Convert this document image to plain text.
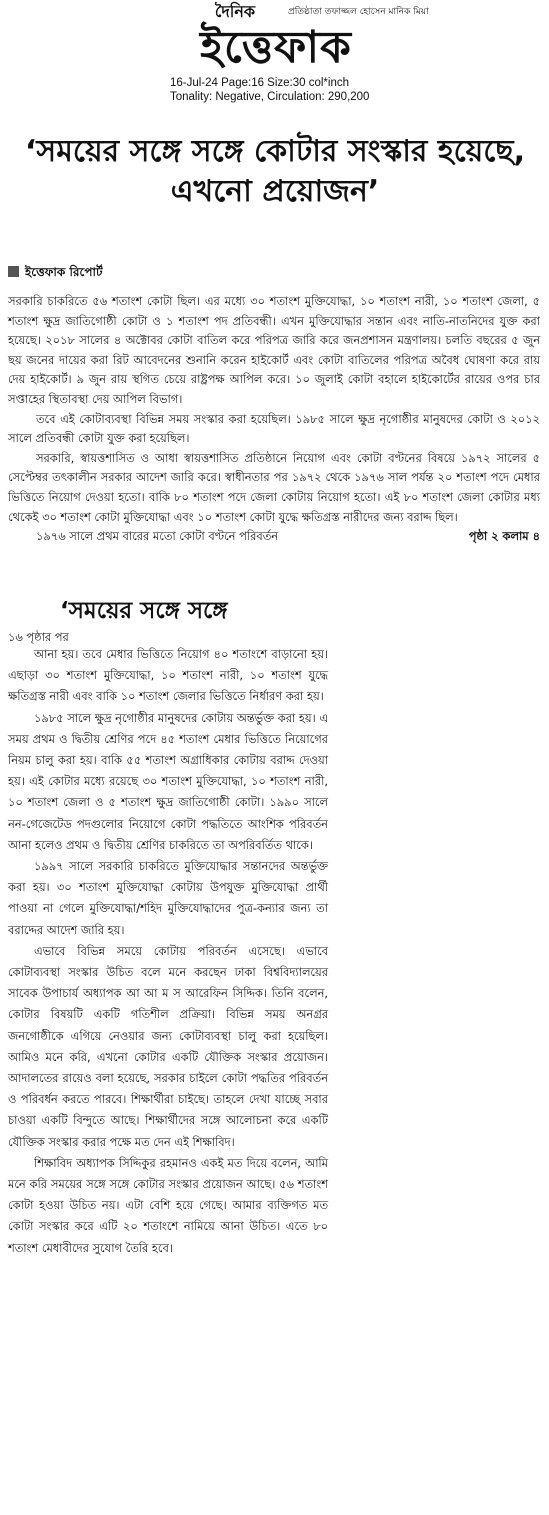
দৈনিক	প্রতিষ্ঠাতা তফাজ্জল হোসেন মানিক মিয়া
ইত্তেফাক
16-Jul-24 Page:16 Size:30 col*inch
Tonality: Negative, Circulation: 290,200
‘সময়ের সঙ্গে সঙ্গে কোটার সংস্কার হয়েছে, এখনো প্রয়োজন’
ইত্তেফাক রিপোর্ট

সরকারি চাকরিতে ৫৬ শতাংশ কোটা ছিল। এর মধ্যে ৩০ শতাংশ মুক্তিযোদ্ধা, ১০ শতাংশ নারী, ১০ শতাংশ জেলা, ৫ শতাংশ ক্ষুদ্র জাতিগোষ্ঠী কোটা ও ১ শতাংশ পদ প্রতিবন্ধী। এখন মুক্তিযোদ্ধার সন্তান এবং নাতি-নাতনিদের যুক্ত করা হয়েছে। ২০১৮ সালের ৪ অক্টোবর কোটা বাতিল করে পরিপত্র জারি করে জনপ্রশাসন মন্ত্রণালয়। চলতি বছরের ৫ জুন ছয় জনের দায়ের করা রিট আবেদনের শুনানি করেন হাইকোর্ট এবং কোটা বাতিলের পরিপত্র অবৈধ ঘোষণা করে রায় দেয় হাইকোর্ট। ৯ জুন রায় স্থগিত চেয়ে রাষ্ট্রপক্ষ আপিল করে। ১০ জুলাই কোটা বহালে হাইকোর্টের রায়ের ওপর চার সপ্তাহের স্থিতাবস্থা দেয় আপিল বিভাগ।

তবে এই কোটাব্যবস্থা বিভিন্ন সময় সংস্কার করা হয়েছিল। ১৯৮৫ সালে ক্ষুদ্র নৃগোষ্ঠীর মানুষদের কোটা ও ২০১২ সালে প্রতিবন্ধী কোটা যুক্ত করা হয়েছিল।

সরকারি, স্বায়ত্তশাসিত ও আধা স্বায়ত্তশাসিত প্রতিষ্ঠানে নিয়োগ এবং কোটা বণ্টনের বিষয়ে ১৯৭২ সালের ৫ সেপ্টেম্বর তৎকালীন সরকার আদেশ জারি করে। স্বাধীনতার পর ১৯৭২ থেকে ১৯৭৬ সাল পর্যন্ত ২০ শতাংশ পদে মেধার ভিত্তিতে নিয়োগ দেওয়া হতো। বাকি ৮০ শতাংশ পদে জেলা কোটায় নিয়োগ হতো। এই ৮০ শতাংশ জেলা কোটার মধ্য থেকেই ৩০ শতাংশ কোটা মুক্তিযোদ্ধা এবং ১০ শতাংশ কোটা যুদ্ধে ক্ষতিগ্রস্ত নারীদের জন্য বরাদ্দ ছিল।

১৯৭৬ সালে প্রথম বারের মতো কোটা বণ্টনে পরিবর্তন	পৃষ্ঠা ২ কলাম ৪
‘সময়ের সঙ্গে সঙ্গে
১৬ পৃষ্ঠার পর

আনা হয়। তবে মেধার ভিত্তিতে নিয়োগ ৪০ শতাংশে বাড়ানো হয়। এছাড়া ৩০ শতাংশ মুক্তিযোদ্ধা, ১০ শতাংশ নারী, ১০ শতাংশ যুদ্ধে ক্ষতিগ্রস্ত নারী এবং বাকি ১০ শতাংশ জেলার ভিত্তিতে নির্ধারণ করা হয়।

১৯৮৫ সালে ক্ষুদ্র নৃগোষ্ঠীর মানুষদের কোটায় অন্তর্ভুক্ত করা হয়। এ সময় প্রথম ও দ্বিতীয় শ্রেণির পদে ৪৫ শতাংশ মেধার ভিত্তিতে নিয়োগের নিয়ম চালু করা হয়। বাকি ৫৫ শতাংশ অগ্রাধিকার কোটায় বরাদ্দ দেওয়া হয়। এই কোটার মধ্যে রয়েছে ৩০ শতাংশ মুক্তিযোদ্ধা, ১০ শতাংশ নারী, ১০ শতাংশ জেলা ও ৫ শতাংশ ক্ষুদ্র জাতিগোষ্ঠী কোটা। ১৯৯০ সালে নন-গেজেটেড পদগুলোর নিয়োগে কোটা পদ্ধতিতে আংশিক পরিবর্তন আনা হলেও প্রথম ও দ্বিতীয় শ্রেণির চাকরিতে তা অপরিবর্তিত থাকে।

১৯৯৭ সালে সরকারি চাকরিতে মুক্তিযোদ্ধার সন্তানদের অন্তর্ভুক্ত করা হয়। ৩০ শতাংশ মুক্তিযোদ্ধা কোটায় উপযুক্ত মুক্তিযোদ্ধা প্রার্থী পাওয়া না গেলে মুক্তিযোদ্ধা/শহিদ মুক্তিযোদ্ধাদের পুত্র-কন্যার জন্য তা বরাদ্দের আদেশ জারি হয়।

এভাবে বিভিন্ন সময়ে কোটায় পরিবর্তন এসেছে। এভাবে কোটাব্যবস্থা সংস্কার উচিত বলে মনে করছেন ঢাকা বিশ্ববিদ্যালয়ের সাবেক উপাচার্য অধ্যাপক আ আ ম স আরেফিন সিদ্দিক। তিনি বলেন, কোটার বিষয়টি একটি গতিশীল প্রক্রিয়া। বিভিন্ন সময় অনগ্রর জনগোষ্ঠীকে এগিয়ে নেওয়ার জন্য কোটাব্যবস্থা চালু করা হয়েছিল। আমিও মনে করি, এখনো কোটার একটি যৌক্তিক সংস্কার প্রয়োজন। আদালতের রায়েও বলা হয়েছে, সরকার চাইলে কোটা পদ্ধতির পরিবর্তন ও পরিবর্ধন করতে পারবে। শিক্ষার্থীরা চাইছে। তাহলে দেখা যাচ্ছে সবার চাওয়া একটি বিন্দুতে আছে। শিক্ষার্থীদের সঙ্গে আলোচনা করে একটি যৌক্তিক সংস্কার করার পক্ষে মত দেন এই শিক্ষাবিদ।

শিক্ষাবিদ অধ্যাপক সিদ্দিকুর রহমানও একই মত দিয়ে বলেন, আমি মনে করি সময়ের সঙ্গে সঙ্গে কোটার সংস্কার প্রয়োজন আছে। ৫৬ শতাংশ কোটা হওয়া উচিত নয়। এটা বেশি হয়ে গেছে। আমার ব্যক্তিগত মত কোটা সংস্কার করে এটি ২০ শতাংশে নামিয়ে আনা উচিত। এতে ৮০ শতাংশ মেধাবীদের সুযোগ তৈরি হবে।
